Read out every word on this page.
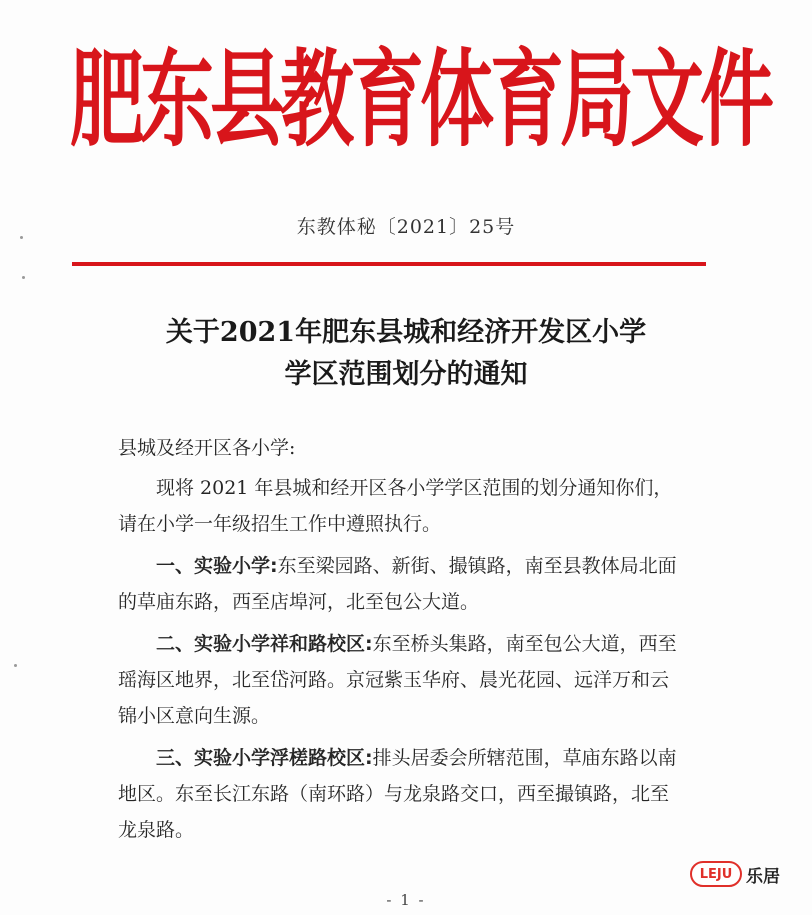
肥东县教育体育局文件
东教体秘〔2021〕25号
关于2021年肥东县城和经济开发区小学
学区范围划分的通知

县城及经开区各小学:

现将 2021 年县城和经开区各小学学区范围的划分通知你们，请在小学一年级招生工作中遵照执行。

一、实验小学:东至梁园路、新街、撮镇路，南至县教体局北面的草庙东路，西至店埠河，北至包公大道。

二、实验小学祥和路校区:东至桥头集路，南至包公大道，西至瑶海区地界，北至岱河路。京冠紫玉华府、晨光花园、远洋万和云锦小区意向生源。

三、实验小学浮槎路校区:排头居委会所辖范围，草庙东路以南地区。东至长江东路（南环路）与龙泉路交口，西至撮镇路，北至龙泉路。

LEJU 乐居
- 1 -
